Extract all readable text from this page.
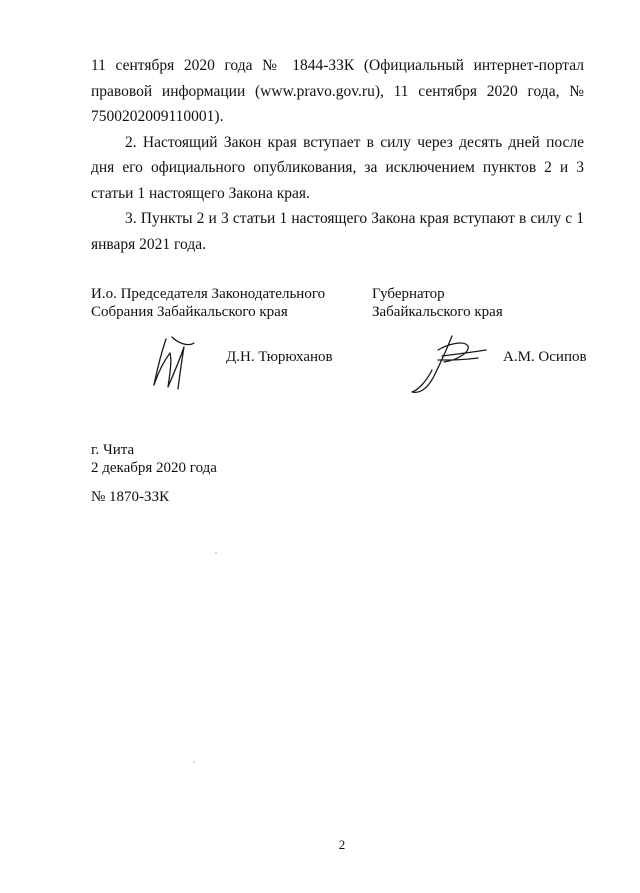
11 сентября 2020 года № 1844-ЗЗК (Официальный интернет-портал правовой информации (www.pravo.gov.ru), 11 сентября 2020 года, № 7500202009110001).

2. Настоящий Закон края вступает в силу через десять дней после дня его официального опубликования, за исключением пунктов 2 и 3 статьи 1 настоящего Закона края.

3. Пункты 2 и 3 статьи 1 настоящего Закона края вступают в силу с 1 января 2021 года.

И.о. Председателя Законодательного
Собрания Забайкальского края
Губернатор
Забайкальского края
Д.Н. Тюрюханов	А.М. Осипов
г. Чита
2 декабря 2020 года
№ 1870-ЗЗК
2
